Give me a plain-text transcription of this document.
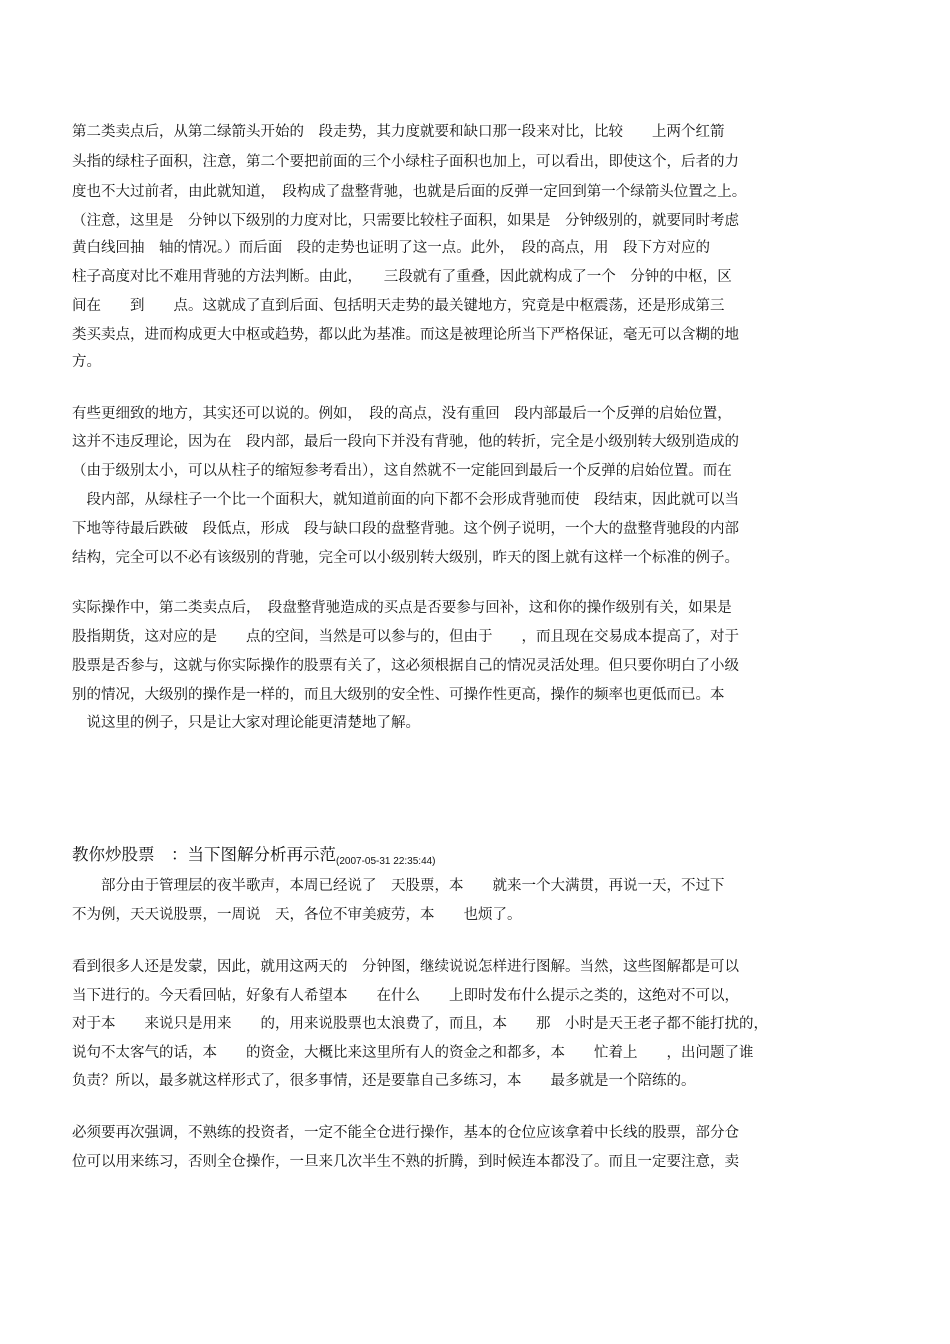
第二类卖点后，从第二绿箭头开始的　段走势，其力度就要和缺口那一段来对比，比较　　上两个红箭
头指的绿柱子面积，注意，第二个要把前面的三个小绿柱子面积也加上，可以看出，即使这个，后者的力
度也不大过前者，由此就知道，　段构成了盘整背驰，也就是后面的反弹一定回到第一个绿箭头位置之上。
（注意，这里是　分钟以下级别的力度对比，只需要比较柱子面积，如果是　分钟级别的，就要同时考虑
黄白线回抽　轴的情况。）而后面　段的走势也证明了这一点。此外，　段的高点，用　段下方对应的
柱子高度对比不难用背驰的方法判断。由此，　　三段就有了重叠，因此就构成了一个　分钟的中枢，区
间在　　到　　点。这就成了直到后面、包括明天走势的最关键地方，究竟是中枢震荡，还是形成第三
类买卖点，进而构成更大中枢或趋势，都以此为基准。而这是被理论所当下严格保证，毫无可以含糊的地
方。
有些更细致的地方，其实还可以说的。例如，　段的高点，没有重回　段内部最后一个反弹的启始位置，
这并不违反理论，因为在　段内部，最后一段向下并没有背驰，他的转折，完全是小级别转大级别造成的
（由于级别太小，可以从柱子的缩短参考看出），这自然就不一定能回到最后一个反弹的启始位置。而在
　段内部，从绿柱子一个比一个面积大，就知道前面的向下都不会形成背驰而使　段结束，因此就可以当
下地等待最后跌破　段低点，形成　段与缺口段的盘整背驰。这个例子说明，一个大的盘整背驰段的内部
结构，完全可以不必有该级别的背驰，完全可以小级别转大级别，昨天的图上就有这样一个标准的例子。
实际操作中，第二类卖点后，　段盘整背驰造成的买点是否要参与回补，这和你的操作级别有关，如果是
股指期货，这对应的是　　点的空间，当然是可以参与的，但由于　　，而且现在交易成本提高了，对于
股票是否参与，这就与你实际操作的股票有关了，这必须根据自己的情况灵活处理。但只要你明白了小级
别的情况，大级别的操作是一样的，而且大级别的安全性、可操作性更高，操作的频率也更低而已。本
　说这里的例子，只是让大家对理论能更清楚地了解。
教你炒股票　：当下图解分析再示范$_{(2007-05-31 22:35:44)}$
　　部分由于管理层的夜半歌声，本周已经说了　天股票，本　　就来一个大满贯，再说一天，不过下
不为例，天天说股票，一周说　天，各位不审美疲劳，本　　也烦了。
看到很多人还是发蒙，因此，就用这两天的　分钟图，继续说说怎样进行图解。当然，这些图解都是可以
当下进行的。今天看回帖，好象有人希望本　　在什么　　上即时发布什么提示之类的，这绝对不可以，
对于本　　来说只是用来　　的，用来说股票也太浪费了，而且，本　　那　小时是天王老子都不能打扰的，
说句不太客气的话，本　　的资金，大概比来这里所有人的资金之和都多，本　　忙着上　　，出问题了谁
负责？所以，最多就这样形式了，很多事情，还是要靠自己多练习，本　　最多就是一个陪练的。
必须要再次强调，不熟练的投资者，一定不能全仓进行操作，基本的仓位应该拿着中长线的股票，部分仓
位可以用来练习，否则全仓操作，一旦来几次半生不熟的折腾，到时候连本都没了。而且一定要注意，卖
